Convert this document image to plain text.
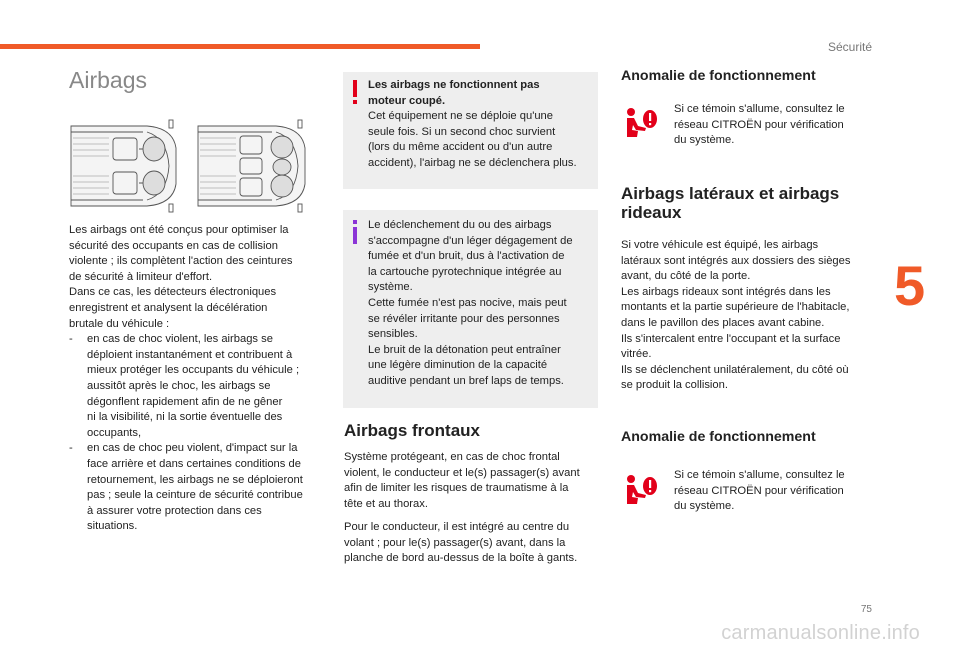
Sécurité
5
Airbags

Les airbags ont été conçus pour optimiser la

sécurité des occupants en cas de collision

violente ; ils complètent l'action des ceintures

de sécurité à limiteur d'effort.

Dans ce cas, les détecteurs électroniques

enregistrent et analysent la décélération

brutale du véhicule :

- en cas de choc violent, les airbags se

déploient instantanément et contribuent à

mieux protéger les occupants du véhicule ;

aussitôt après le choc, les airbags se

dégonflent rapidement afin de ne gêner

ni la visibilité, ni la sortie éventuelle des

occupants,

- en cas de choc peu violent, d'impact sur la

face arrière et dans certaines conditions de

retournement, les airbags ne se déploieront

pas ; seule la ceinture de sécurité contribue

à assurer votre protection dans ces

situations.

Les airbags ne fonctionnent pas

moteur coupé.

Cet équipement ne se déploie qu'une

seule fois. Si un second choc survient

(lors du même accident ou d'un autre

accident), l'airbag ne se déclenchera plus.

Le déclenchement du ou des airbags

s'accompagne d'un léger dégagement de

fumée et d'un bruit, dus à l'activation de

la cartouche pyrotechnique intégrée au

système.

Cette fumée n'est pas nocive, mais peut

se révéler irritante pour des personnes

sensibles.

Le bruit de la détonation peut entraîner

une légère diminution de la capacité

auditive pendant un bref laps de temps.

Airbags frontaux

Système protégeant, en cas de choc frontal

violent, le conducteur et le(s) passager(s) avant

afin de limiter les risques de traumatisme à la

tête et au thorax.

Pour le conducteur, il est intégré au centre du

volant ; pour le(s) passager(s) avant, dans la

planche de bord au-dessus de la boîte à gants.

Anomalie de fonctionnement

Si ce témoin s'allume, consultez le

réseau CITROËN pour vérification

du système.

Airbags latéraux et airbags
rideaux

Si votre véhicule est équipé, les airbags

latéraux sont intégrés aux dossiers des sièges

avant, du côté de la porte.

Les airbags rideaux sont intégrés dans les

montants et la partie supérieure de l'habitacle,

dans le pavillon des places avant cabine.

Ils s'intercalent entre l'occupant et la surface

vitrée.

Ils se déclenchent unilatéralement, du côté où

se produit la collision.

Anomalie de fonctionnement

Si ce témoin s'allume, consultez le

réseau CITROËN pour vérification

du système.

75
carmanualsonline.info
